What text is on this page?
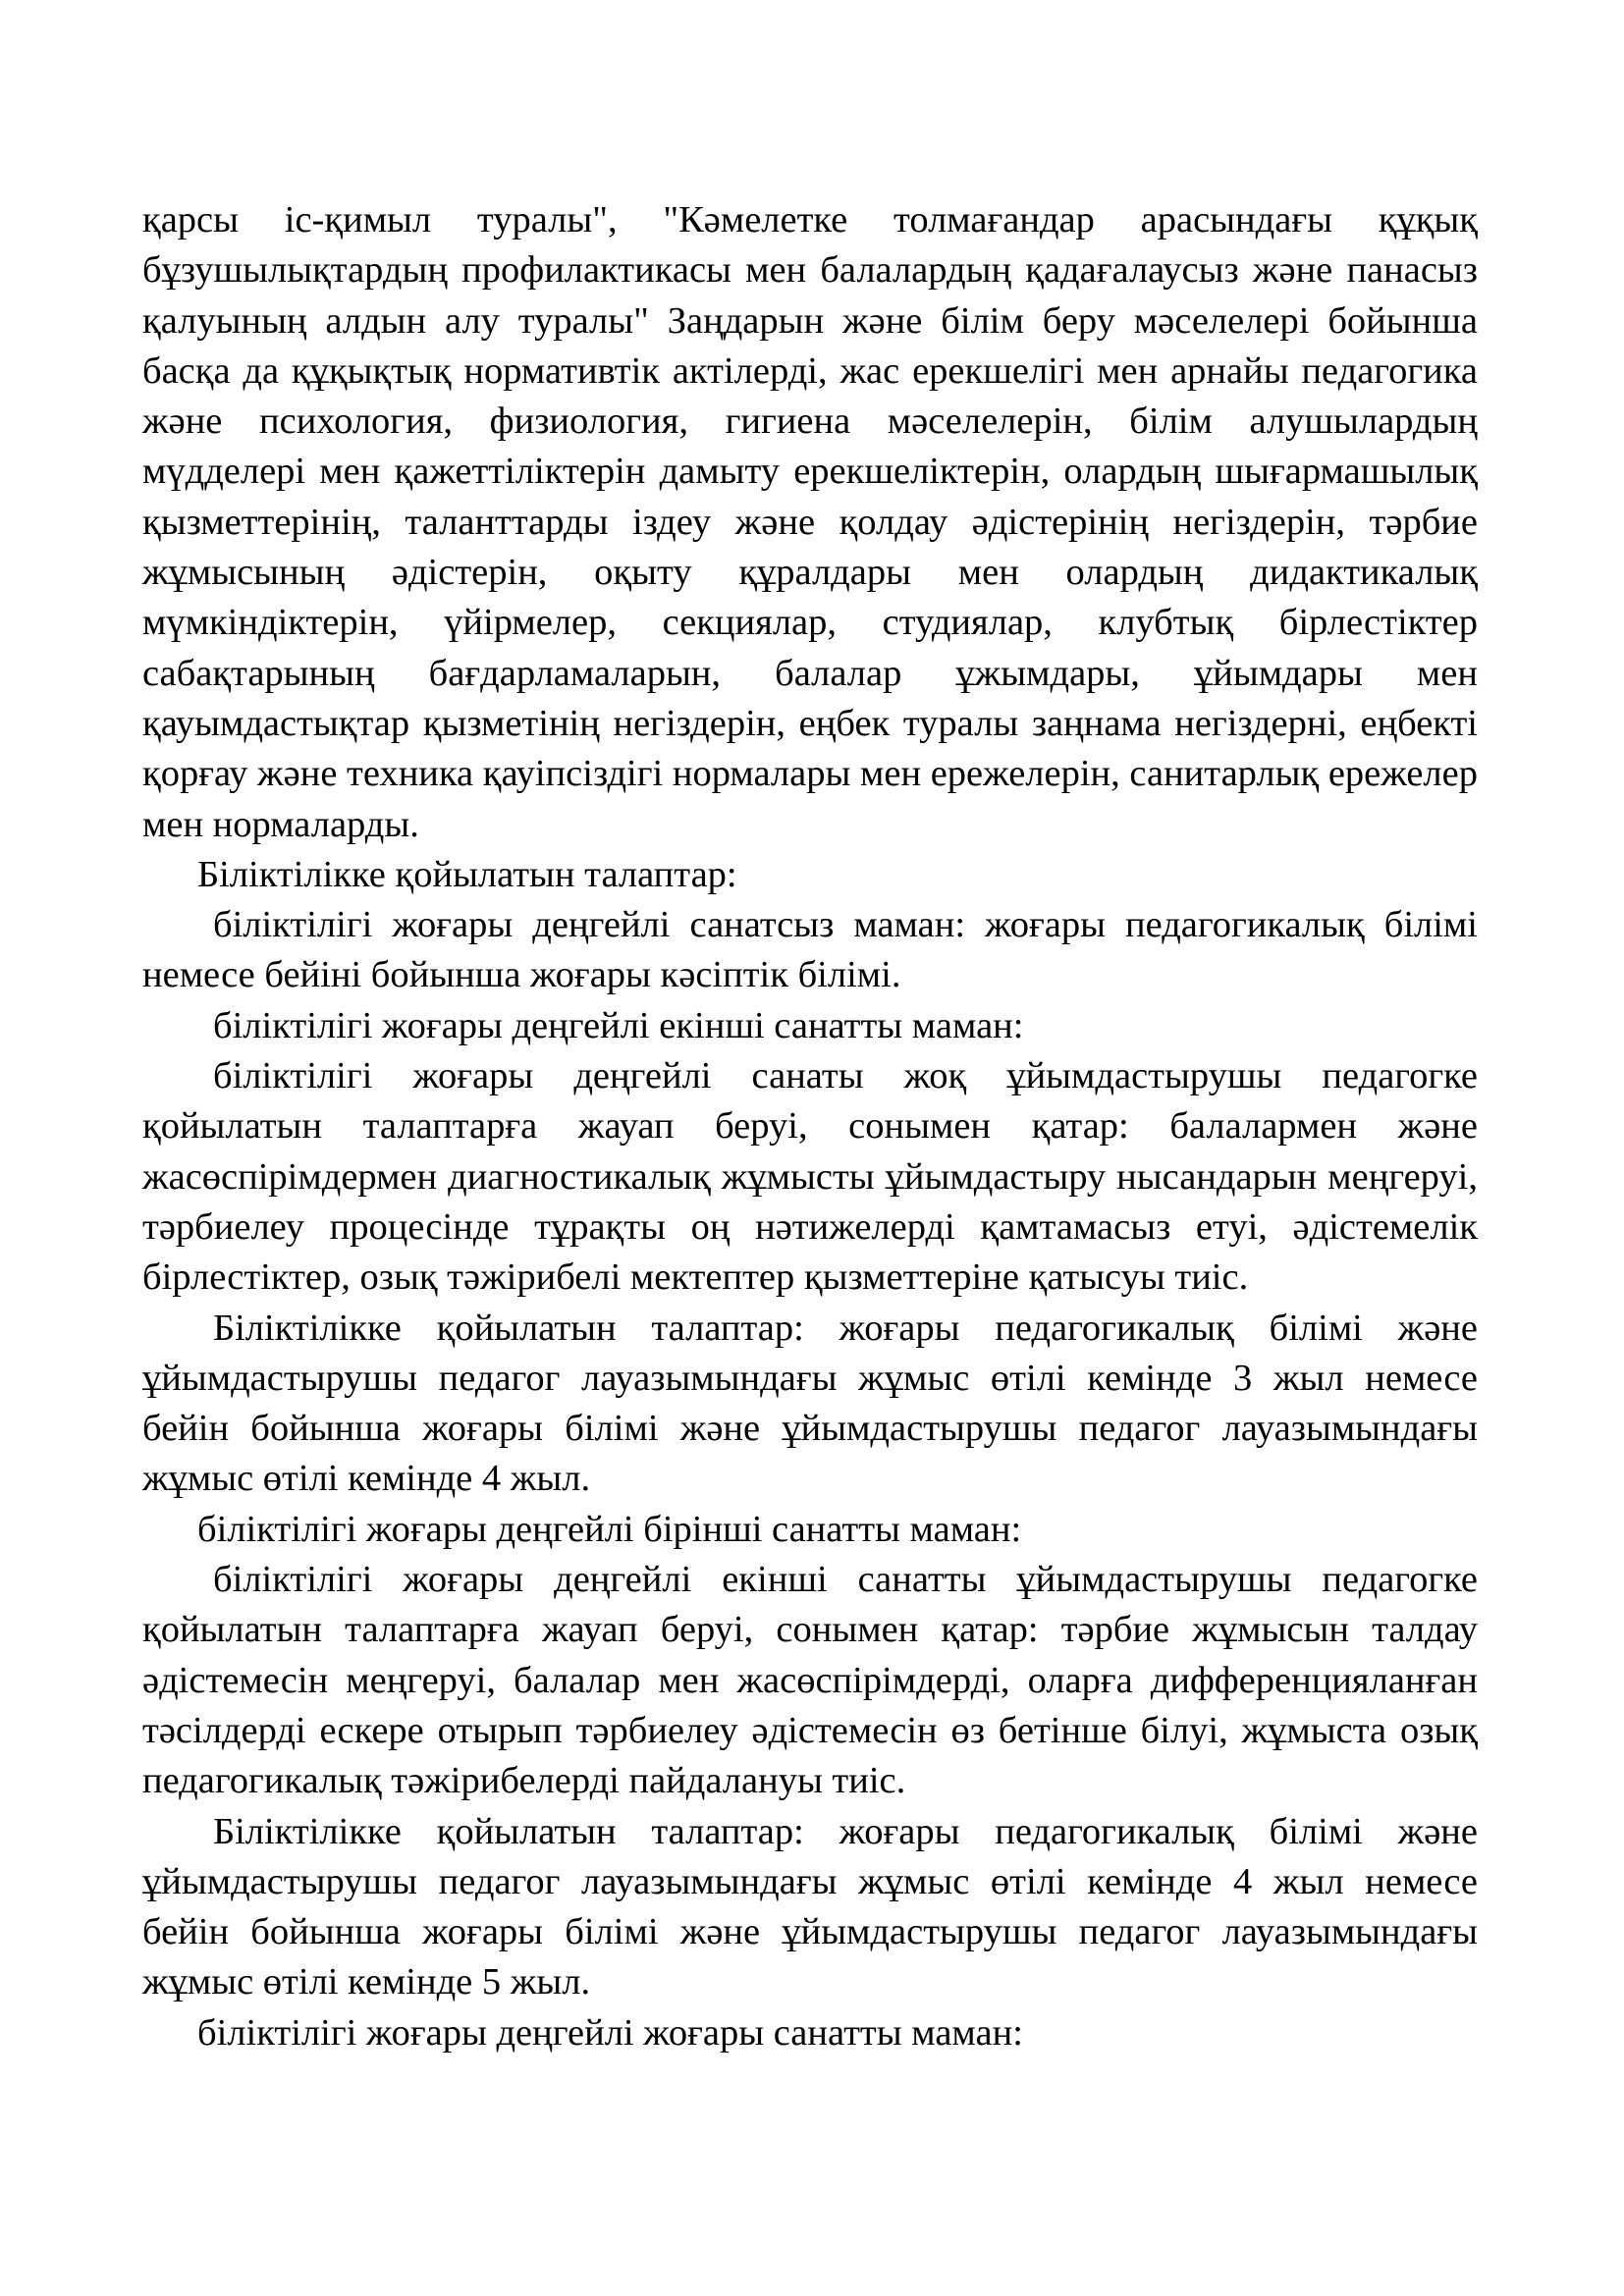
қарсы іс-қимыл туралы", "Кәмелетке толмағандар арасындағы құқық бұзушылықтардың профилактикасы мен балалардың қадағалаусыз және панасыз қалуының алдын алу туралы" Заңдарын және білім беру мәселелері бойынша басқа да құқықтық нормативтік актілерді, жас ерекшелігі мен арнайы педагогика және психология, физиология, гигиена мәселелерін, білім алушылардың мүдделері мен қажеттіліктерін дамыту ерекшеліктерін, олардың шығармашылық қызметтерінің, таланттарды іздеу және қолдау әдістерінің негіздерін, тәрбие жұмысының әдістерін, оқыту құралдары мен олардың дидактикалық мүмкіндіктерін, үйірмелер, секциялар, студиялар, клубтық бірлестіктер сабақтарының бағдарламаларын, балалар ұжымдары, ұйымдары мен қауымдастықтар қызметінің негіздерін, еңбек туралы заңнама негіздерні, еңбекті қорғау және техника қауіпсіздігі нормалары мен ережелерін, санитарлық ережелер мен нормаларды.

Біліктілікке қойылатын талаптар:

біліктілігі жоғары деңгейлі санатсыз маман: жоғары педагогикалық білімі немесе бейіні бойынша жоғары кәсіптік білімі.

біліктілігі жоғары деңгейлі екінші санатты маман:

біліктілігі жоғары деңгейлі санаты жоқ ұйымдастырушы педагогке қойылатын талаптарға жауап беруі, сонымен қатар: балалармен және жасөспірімдермен диагностикалық жұмысты ұйымдастыру нысандарын меңгеруі, тәрбиелеу процесінде тұрақты оң нәтижелерді қамтамасыз етуі, әдістемелік бірлестіктер, озық тәжірибелі мектептер қызметтеріне қатысуы тиіс.

Біліктілікке қойылатын талаптар: жоғары педагогикалық білімі және ұйымдастырушы педагог лауазымындағы жұмыс өтілі кемінде 3 жыл немесе бейін бойынша жоғары білімі және ұйымдастырушы педагог лауазымындағы жұмыс өтілі кемінде 4 жыл.

біліктілігі жоғары деңгейлі бірінші санатты маман:

біліктілігі жоғары деңгейлі екінші санатты ұйымдастырушы педагогке қойылатын талаптарға жауап беруі, сонымен қатар: тәрбие жұмысын талдау әдістемесін меңгеруі, балалар мен жасөспірімдерді, оларға дифференцияланған тәсілдерді ескере отырып тәрбиелеу әдістемесін өз бетінше білуі, жұмыста озық педагогикалық тәжірибелерді пайдалануы тиіс.

Біліктілікке қойылатын талаптар: жоғары педагогикалық білімі және ұйымдастырушы педагог лауазымындағы жұмыс өтілі кемінде 4 жыл немесе бейін бойынша жоғары білімі және ұйымдастырушы педагог лауазымындағы жұмыс өтілі кемінде 5 жыл.

біліктілігі жоғары деңгейлі жоғары санатты маман:
